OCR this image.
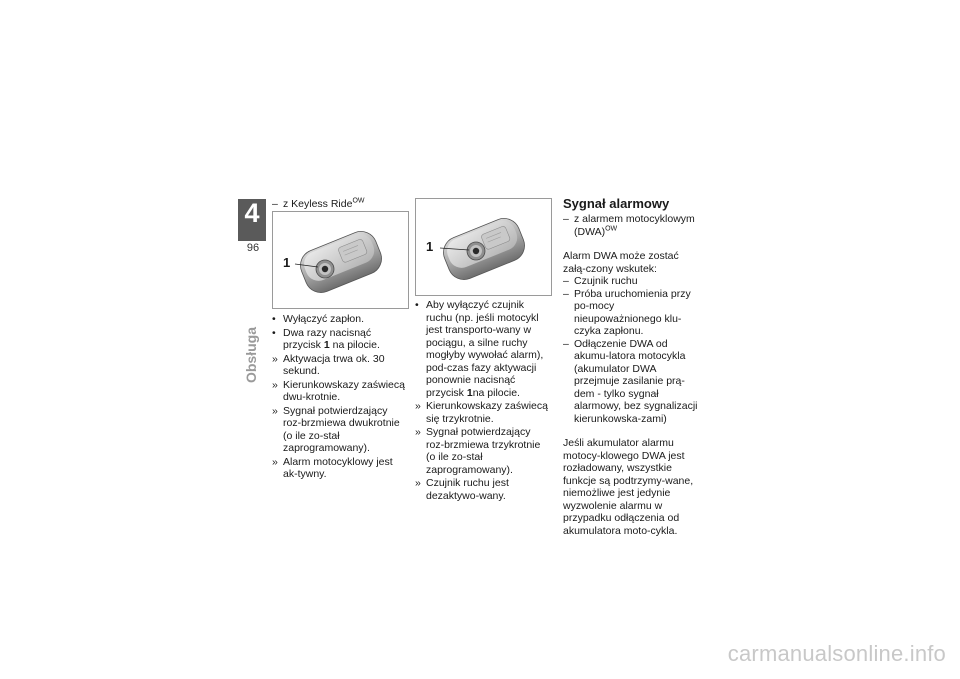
4
96
Obsługa
– z Keyless Ride$^{OW}$
1
• Wyłączyć zapłon.
• Dwa razy nacisnąć przycisk 1 na pilocie.
» Aktywacja trwa ok. 30 sekund.
» Kierunkowskazy zaświecą dwu-krotnie.
» Sygnał potwierdzający roz-brzmiewa dwukrotnie (o ile zo-stał zaprogramowany).
» Alarm motocyklowy jest ak-tywny.
1
• Aby wyłączyć czujnik ruchu (np. jeśli motocykl jest transporto-wany w pociągu, a silne ruchy mogłyby wywołać alarm), pod-czas fazy aktywacji ponownie nacisnąć przycisk 1na pilocie.
» Kierunkowskazy zaświecą się trzykrotnie.
» Sygnał potwierdzający roz-brzmiewa trzykrotnie (o ile zo-stał zaprogramowany).
» Czujnik ruchu jest dezaktywo-wany.
Sygnał alarmowy
– z alarmem motocyklowym (DWA)$^{OW}$
Alarm DWA może zostać załą-czony wskutek:
– Czujnik ruchu
– Próba uruchomienia przy po-mocy nieupoważnionego klu-czyka zapłonu.
– Odłączenie DWA od akumu-latora motocykla (akumulator DWA przejmuje zasilanie prą-dem - tylko sygnał alarmowy, bez sygnalizacji kierunkowska-zami)
Jeśli akumulator alarmu motocy-klowego DWA jest rozładowany, wszystkie funkcje są podtrzymy-wane, niemożliwe jest jedynie wyzwolenie alarmu w przypadku odłączenia od akumulatora moto-cykla.
carmanualsonline.info
